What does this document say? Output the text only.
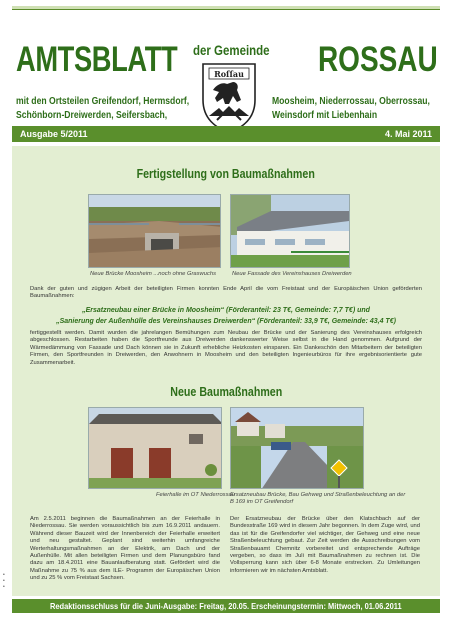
AMTSBLATT der Gemeinde ROSSAU
Roſſau
mit den Ortsteilen Greifendorf, Hermsdorf,
Schönborn-Dreiwerden, Seifersbach,
Moosheim, Niederrossau, Oberrossau,
Weinsdorf mit Liebenhain
Ausgabe 5/2011	4. Mai 2011
Fertigstellung von Baumaßnahmen
Neue Brücke Moosheim ...noch ohne Graswuchs	Neue Fassade des Vereinshauses Dreiwerden
Dank der guten und zügigen Arbeit der beteiligten Firmen konnten Ende April die vom Freistaat und der Europäischen Union geförderten Baumaßnahmen:
„Ersatzneubau einer Brücke in Moosheim“ (Förderanteil: 23 T€, Gemeinde: 7,7 T€) und
„Sanierung der Außenhülle des Vereinshauses Dreiwerden“ (Förderanteil: 33,9 T€, Gemeinde: 43,4 T€)
fertiggestellt werden. Damit wurden die jahrelangen Bemühungen zum Neubau der Brücke und der Sanierung des Vereinshauses erfolgreich abgeschlossen. Restarbeiten haben die Sportfreunde aus Dreiwerden dankenswerter Weise selbst in die Hand genommen. Aufgrund der Wärmedämmung von Fassade und Dach können sie in Zukunft erhebliche Heizkosten einsparen. Ein Dankeschön den Mitarbeitern der beteiligten Firmen, den Sportfreunden in Dreiwerden, den Anwohnern in Moosheim und den beteiligten Ingenieurbüros für ihre ergebnisorientierte gute Zusammenarbeit.
Neue Baumaßnahmen
Feierhalle im OT Niederrossau
Ersatzneubau Brücke, Bau Gehweg und Straßenbeleuchtung an der B 169 im OT Greifendorf
Am 2.5.2011 beginnen die Baumaßnahmen an der Feierhalle in Niederrossau. Sie werden voraussichtlich bis zum 16.9.2011 andauern. Während dieser Bauzeit wird der Innenbereich der Feierhalle erweitert und neu gestaltet. Geplant sind weiterhin umfangreiche Werterhaltungsmaßnahmen an der Elektrik, am Dach und der Außenhülle. Mit allen beteiligten Firmen und dem Planungsbüro fand dazu am 18.4.2011 eine Bauanlaufberatung statt. Gefördert wird die Maßnahme zu 75 % aus dem ILE- Programm der Europäischen Union und zu 25 % vom Freistaat Sachsen.
Der Ersatzneubau der Brücke über den Klatschbach auf der Bundesstraße 169 wird in diesem Jahr begonnen. In dem Zuge wird, und das ist für die Greifendorfer viel wichtiger, der Gehweg und eine neue Straßenbeleuchtung gebaut. Zur Zeit werden die Ausschreibungen vom Straßenbauamt Chemnitz vorbereitet und entsprechende Aufträge vergeben, so dass im Juli mit Baumaßnahmen zu rechnen ist. Die Vollsperrung kann sich über 6-8 Monate erstrecken. Zu Umleitungen informieren wir im nächsten Amtsblatt.
•
•
•
Redaktionsschluss für die Juni-Ausgabe: Freitag, 20.05. Erscheinungstermin: Mittwoch, 01.06.2011
